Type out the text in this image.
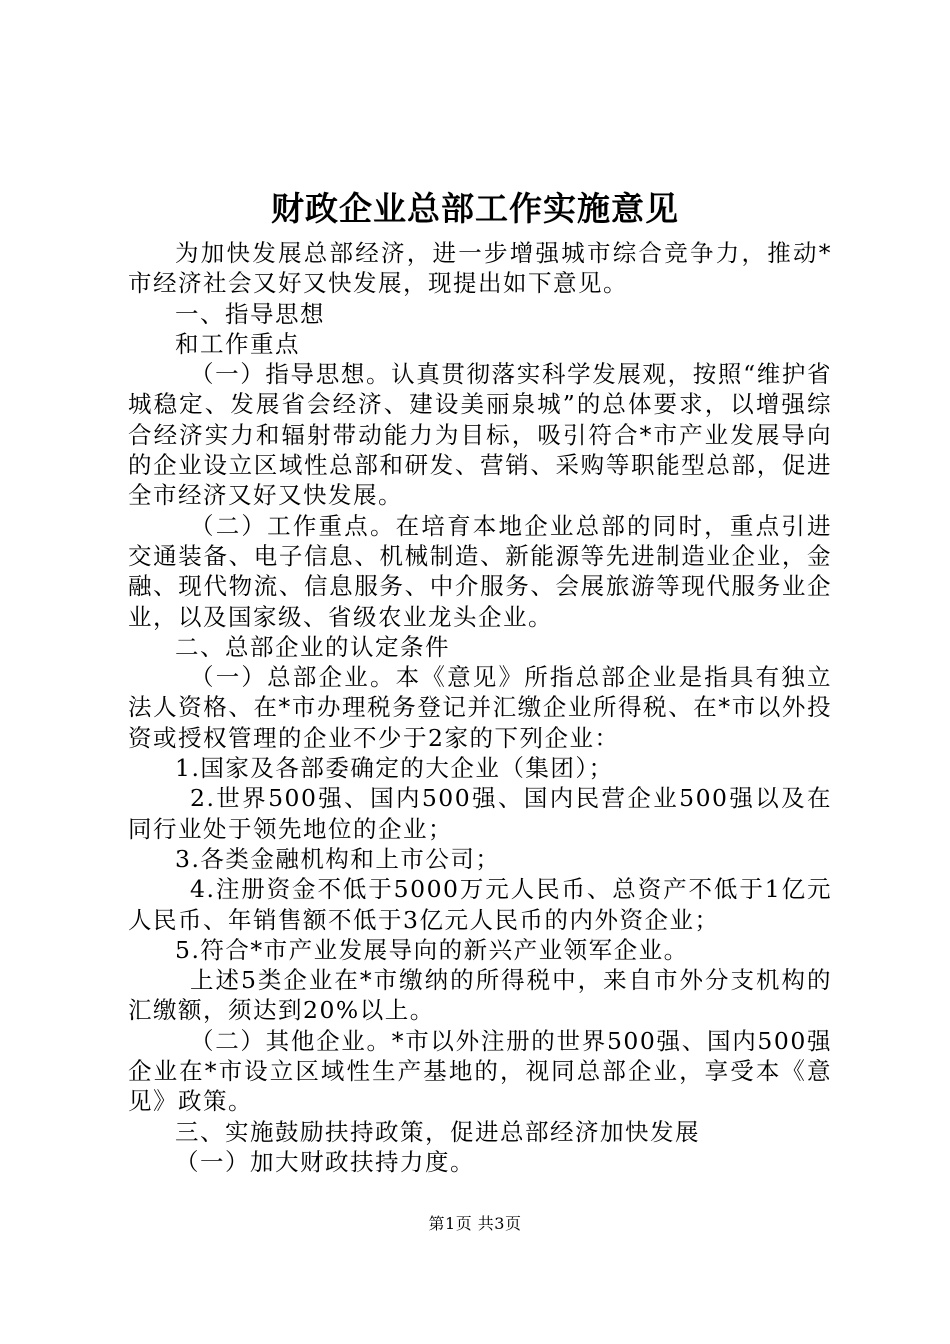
财政企业总部工作实施意见

为加快发展总部经济，进一步增强城市综合竞争力，推动*市经济社会又好又快发展，现提出如下意见。

一、指导思想

和工作重点

（一）指导思想。认真贯彻落实科学发展观，按照“维护省城稳定、发展省会经济、建设美丽泉城”的总体要求，以增强综合经济实力和辐射带动能力为目标，吸引符合*市产业发展导向的企业设立区域性总部和研发、营销、采购等职能型总部，促进全市经济又好又快发展。

（二）工作重点。在培育本地企业总部的同时，重点引进交通装备、电子信息、机械制造、新能源等先进制造业企业，金融、现代物流、信息服务、中介服务、会展旅游等现代服务业企业，以及国家级、省级农业龙头企业。

二、总部企业的认定条件

（一）总部企业。本《意见》所指总部企业是指具有独立法人资格、在*市办理税务登记并汇缴企业所得税、在*市以外投资或授权管理的企业不少于2家的下列企业：

1.国家及各部委确定的大企业（集团）；

2.世界500强、国内500强、国内民营企业500强以及在同行业处于领先地位的企业；

3.各类金融机构和上市公司；

4.注册资金不低于5000万元人民币、总资产不低于1亿元人民币、年销售额不低于3亿元人民币的内外资企业；

5.符合*市产业发展导向的新兴产业领军企业。

上述5类企业在*市缴纳的所得税中，来自市外分支机构的汇缴额，须达到20%以上。

（二）其他企业。*市以外注册的世界500强、国内500强企业在*市设立区域性生产基地的，视同总部企业，享受本《意见》政策。

三、实施鼓励扶持政策，促进总部经济加快发展

（一）加大财政扶持力度。

第1页 共3页
